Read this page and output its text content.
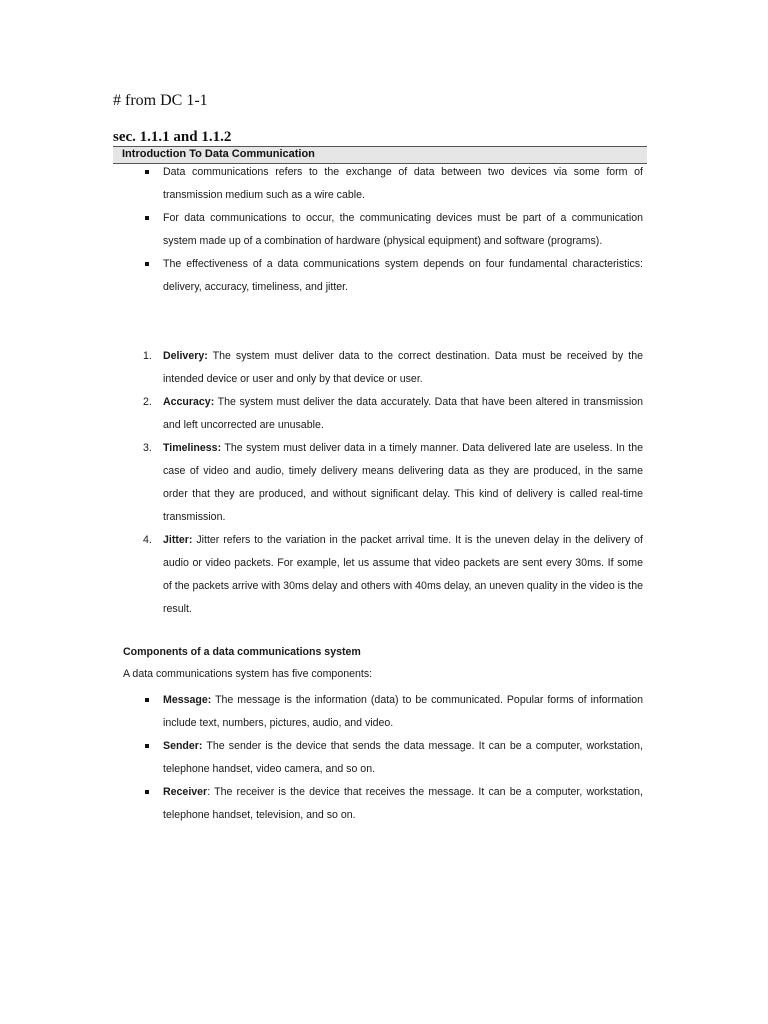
# from DC 1-1
sec. 1.1.1 and 1.1.2
Introduction To Data Communication
Data communications refers to the exchange of data between two devices via some form of transmission medium such as a wire cable.
For data communications to occur, the communicating devices must be part of a communication system made up of a combination of hardware (physical equipment) and software (programs).
The effectiveness of a data communications system depends on four fundamental characteristics: delivery, accuracy, timeliness, and jitter.
1. Delivery: The system must deliver data to the correct destination. Data must be received by the intended device or user and only by that device or user.
2. Accuracy: The system must deliver the data accurately. Data that have been altered in transmission and left uncorrected are unusable.
3. Timeliness: The system must deliver data in a timely manner. Data delivered late are useless. In the case of video and audio, timely delivery means delivering data as they are produced, in the same order that they are produced, and without significant delay. This kind of delivery is called real-time transmission.
4. Jitter: Jitter refers to the variation in the packet arrival time. It is the uneven delay in the delivery of audio or video packets. For example, let us assume that video packets are sent every 30ms. If some of the packets arrive with 30ms delay and others with 40ms delay, an uneven quality in the video is the result.
Components of a data communications system
A data communications system has five components:
Message: The message is the information (data) to be communicated. Popular forms of information include text, numbers, pictures, audio, and video.
Sender: The sender is the device that sends the data message. It can be a computer, workstation, telephone handset, video camera, and so on.
Receiver: The receiver is the device that receives the message. It can be a computer, workstation, telephone handset, television, and so on.
